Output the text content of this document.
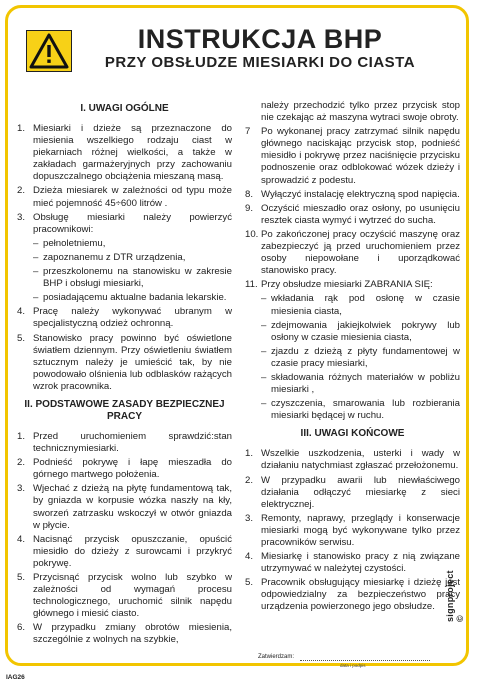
INSTRUKCJA BHP
PRZY OBSŁUDZE MIESIARKI DO CIASTA
I. UWAGI OGÓLNE
1. Miesiarki i dzieże są przeznaczone do miesienia wszelkiego rodzaju ciast w piekarniach różnej wielkości, a także w zakładach garmażeryjnych przy zachowaniu dopuszczalnego obciążenia mieszaną masą.
2. Dzieża miesiarek w zależności od typu może mieć pojemność 45÷600 litrów .
3. Obsługę miesiarki należy powierzyć pracownikowi:
– pełnoletniemu,
– zapoznanemu z DTR urządzenia,
– przeszkolonemu na stanowisku w zakresie BHP i obsługi miesiarki,
– posiadającemu aktualne badania lekarskie.
4. Pracę należy wykonywać ubranym w specjalistyczną odzież ochronną.
5. Stanowisko pracy powinno być oświetlone światłem dziennym. Przy oświetleniu światłem sztucznym należy je umieścić tak, by nie powodowało olśnienia lub odblasków rażących wzrok pracownika.
II. PODSTAWOWE ZASADY BEZPIECZNEJ PRACY
1. Przed uruchomieniem sprawdzić:stan technicznymiesiarki.
2. Podnieść pokrywę i łapę mieszadła do górnego martwego położenia.
3. Wjechać z dzieżą na płytę fundamentową tak, by gniazda w korpusie wózka naszły na kły, sworzeń zatrzasku wskoczył w otwór gniazda w płycie.
4. Nacisnąć przycisk opuszczanie, opuścić miesidło do dzieży z surowcami i przykryć pokrywę.
5. Przycisnąć przycisk wolno lub szybko w zależności od wymagań procesu technologicznego, uruchomić silnik napędu głównego i miesić ciasto.
6. W przypadku zmiany obrotów miesienia, szczególnie z wolnych na szybkie,
należy przechodzić tylko przez przycisk stop nie czekając aż maszyna wytraci swoje obroty.
7	Po wykonanej pracy zatrzymać silnik napędu głównego naciskając przycisk stop, podnieść miesidło i pokrywę przez naciśnięcie przycisku podnoszenie oraz odblokować wózek dzieży i sprowadzić z podestu.
8. Wyłączyć instalację elektryczną spod napięcia.
9. Oczyścić mieszadło oraz osłony, po usunięciu resztek ciasta wymyć i wytrzeć do sucha.
10. Po zakończonej pracy oczyścić maszynę oraz zabezpieczyć ją przed uruchomieniem przez osoby niepowołane i uporządkować stanowisko pracy.
11. Przy obsłudze miesiarki ZABRANIA SIĘ:
– wkładania rąk pod osłonę w czasie miesienia ciasta,
– zdejmowania jakiejkolwiek pokrywy lub osłony w czasie miesienia ciasta,
– zjazdu z dzieżą z płyty fundamentowej w czasie pracy miesiarki,
– składowania różnych materiałów w pobliżu miesiarki ,
– czyszczenia, smarowania lub rozbierania miesiarki będącej w ruchu.
III. UWAGI KOŃCOWE
1. Wszelkie uszkodzenia, usterki i wady w działaniu natychmiast zgłaszać przełożonemu.
2. W przypadku awarii lub niewłaściwego działania odłączyć miesiarkę z sieci elektrycznej.
3. Remonty, naprawy, przeglądy i konserwacje miesiarki mogą być wykonywane tylko przez pracowników serwisu.
4. Miesiarkę i stanowisko pracy z nią związane utrzymywać w należytej czystości.
5. Pracownik obsługujący miesiarkę i dzieżę jest odpowiedzialny za bezpieczeństwo pracy urządzenia powierzonego jego obsłudze.
Zatwierdzam:
data i podpis
IAG26
signproject ©
